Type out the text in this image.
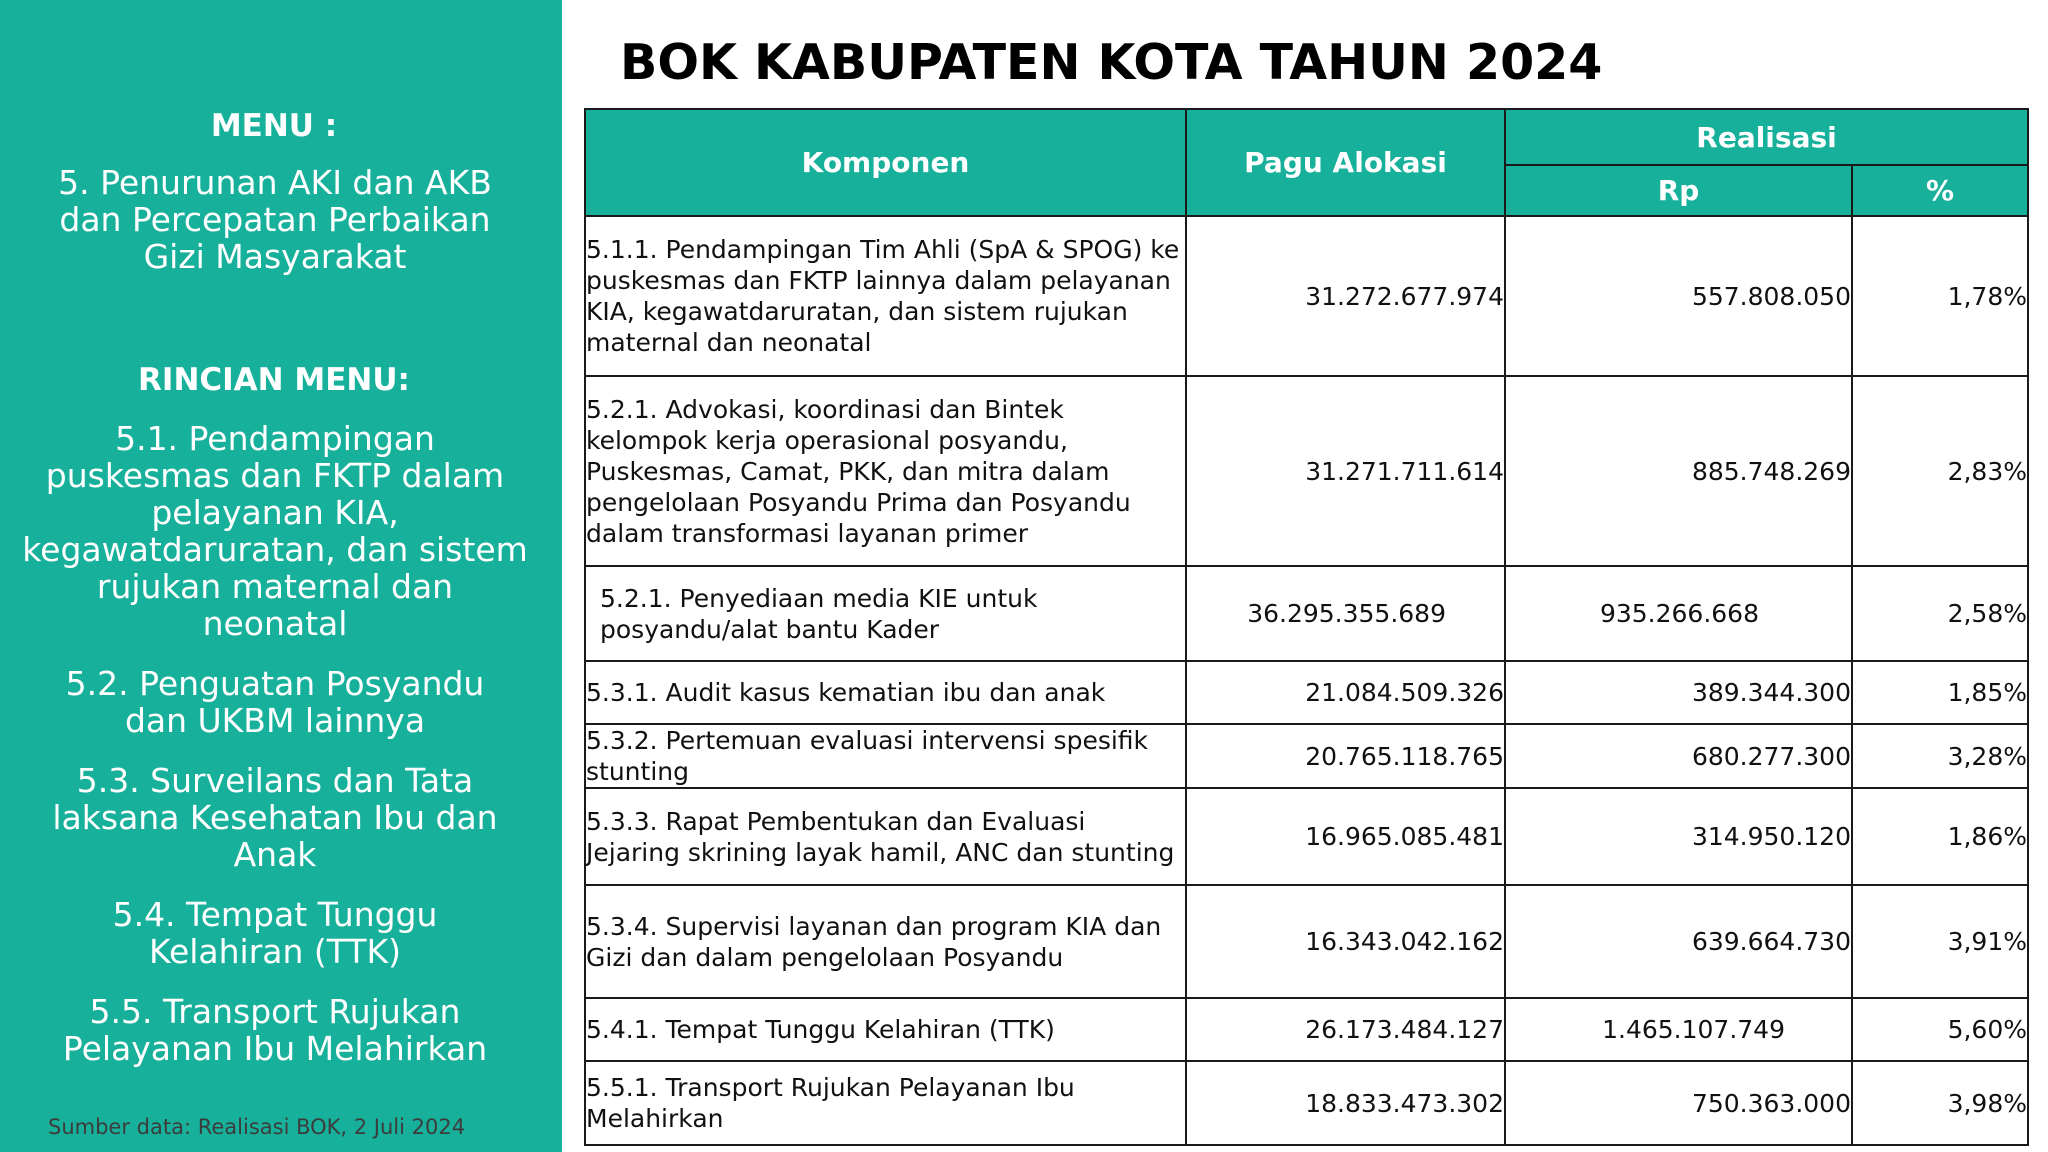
MENU :
5. Penurunan AKI dan AKB dan Percepatan Perbaikan Gizi Masyarakat
RINCIAN MENU:
5.1. Pendampingan puskesmas dan FKTP dalam pelayanan KIA, kegawatdaruratan, dan sistem rujukan maternal dan neonatal
5.2. Penguatan Posyandu dan UKBM lainnya
5.3. Surveilans dan Tata laksana Kesehatan Ibu dan Anak
5.4. Tempat Tunggu Kelahiran (TTK)
5.5. Transport Rujukan Pelayanan Ibu Melahirkan
Sumber data: Realisasi BOK, 2 Juli 2024
BOK KABUPATEN KOTA TAHUN 2024
Komponen	Pagu Alokasi	Realisasi	
		Rp	%
5.1.1. Pendampingan Tim Ahli (SpA & SPOG) ke puskesmas dan FKTP lainnya dalam pelayanan KIA, kegawatdaruratan, dan sistem rujukan maternal dan neonatal	31.272.677.974	557.808.050	1,78%
5.2.1. Advokasi, koordinasi dan Bintek kelompok kerja operasional posyandu, Puskesmas, Camat, PKK, dan mitra dalam pengelolaan Posyandu Prima dan Posyandu dalam transformasi layanan primer	31.271.711.614	885.748.269	2,83%
5.2.1. Penyediaan media KIE untuk posyandu/alat bantu Kader	36.295.355.689	935.266.668	2,58%
5.3.1. Audit kasus kematian ibu dan anak	21.084.509.326	389.344.300	1,85%
5.3.2. Pertemuan evaluasi intervensi spesifik stunting	20.765.118.765	680.277.300	3,28%
5.3.3. Rapat Pembentukan dan Evaluasi Jejaring skrining layak hamil, ANC dan stunting	16.965.085.481	314.950.120	1,86%
5.3.4. Supervisi layanan dan program KIA dan Gizi dan dalam pengelolaan Posyandu	16.343.042.162	639.664.730	3,91%
5.4.1. Tempat Tunggu Kelahiran (TTK)	26.173.484.127	1.465.107.749	5,60%
5.5.1. Transport Rujukan Pelayanan Ibu Melahirkan	18.833.473.302	750.363.000	3,98%
